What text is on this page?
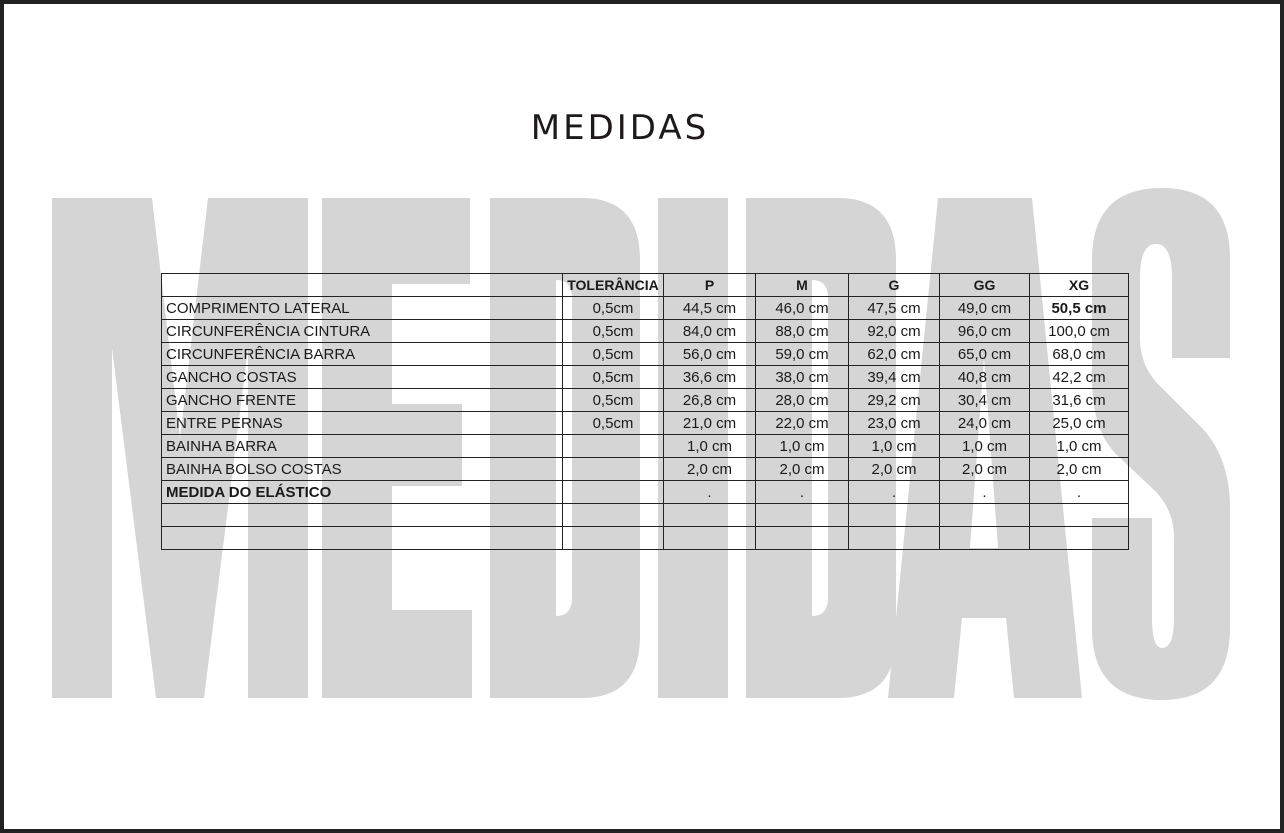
MEDIDAS
	TOLERÂNCIA	P	M	G	GG	XG
COMPRIMENTO LATERAL	0,5cm	44,5 cm	46,0 cm	47,5 cm	49,0 cm	50,5 cm
CIRCUNFERÊNCIA CINTURA	0,5cm	84,0 cm	88,0 cm	92,0 cm	96,0 cm	100,0 cm
CIRCUNFERÊNCIA BARRA	0,5cm	56,0 cm	59,0 cm	62,0 cm	65,0 cm	68,0 cm
GANCHO COSTAS	0,5cm	36,6 cm	38,0 cm	39,4 cm	40,8 cm	42,2 cm
GANCHO FRENTE	0,5cm	26,8 cm	28,0 cm	29,2 cm	30,4 cm	31,6 cm
ENTRE PERNAS	0,5cm	21,0 cm	22,0 cm	23,0 cm	24,0 cm	25,0 cm
BAINHA BARRA		1,0 cm	1,0 cm	1,0 cm	1,0 cm	1,0 cm
BAINHA BOLSO COSTAS		2,0 cm	2,0 cm	2,0 cm	2,0 cm	2,0 cm
MEDIDA DO ELÁSTICO		.	.	.	.	.
